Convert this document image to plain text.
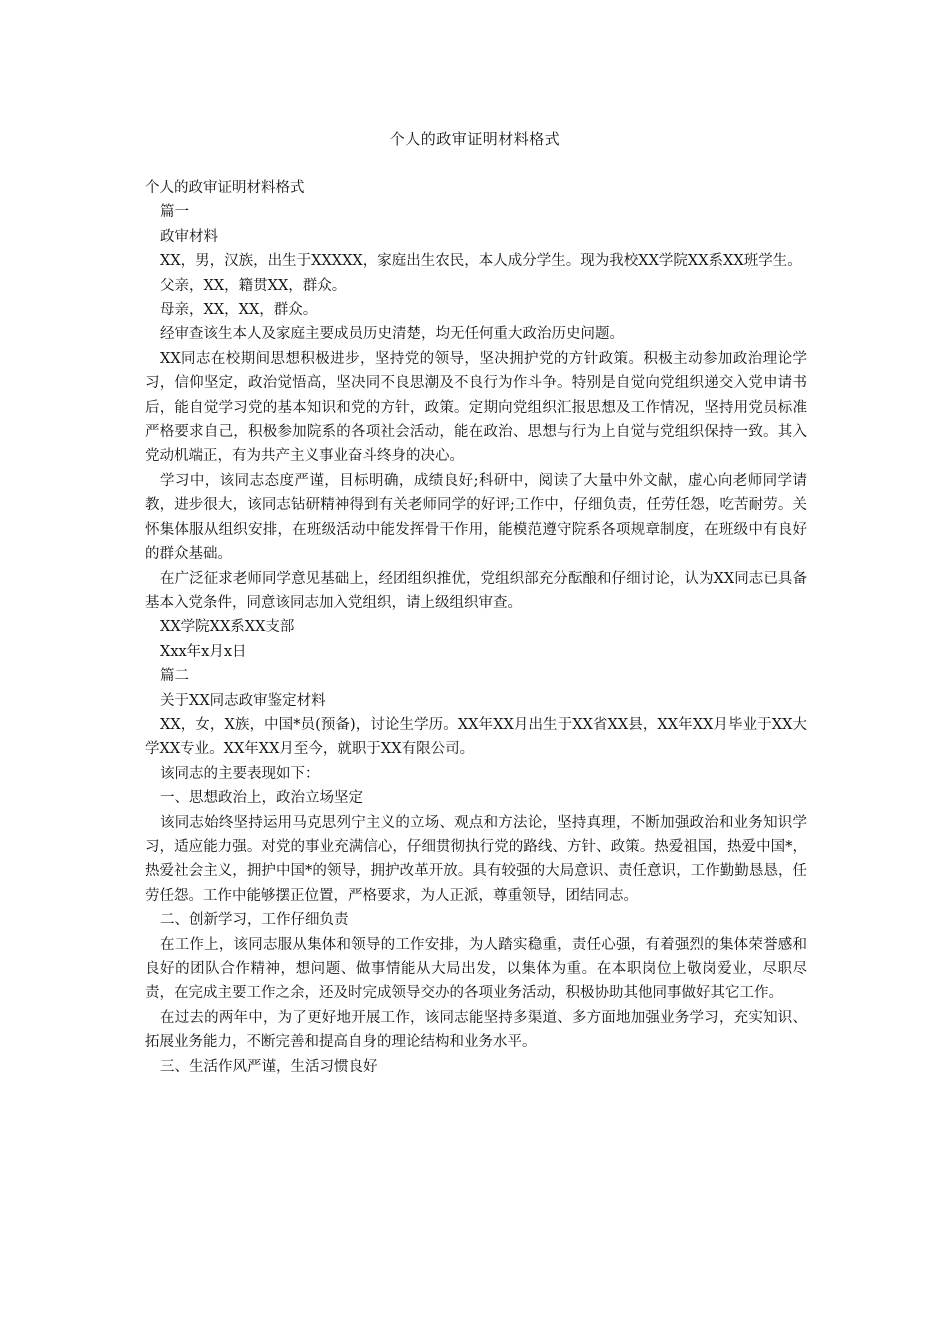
个人的政审证明材料格式

个人的政审证明材料格式

篇一

政审材料

XX，男，汉族，出生于XXXXX，家庭出生农民，本人成分学生。现为我校XX学院XX系XX班学生。

父亲，XX，籍贯XX，群众。

母亲，XX，XX，群众。

经审查该生本人及家庭主要成员历史清楚，均无任何重大政治历史问题。

XX同志在校期间思想积极进步，坚持党的领导，坚决拥护党的方针政策。积极主动参加政治理论学习，信仰坚定，政治觉悟高，坚决同不良思潮及不良行为作斗争。特别是自觉向党组织递交入党申请书后，能自觉学习党的基本知识和党的方针，政策。定期向党组织汇报思想及工作情况，坚持用党员标准严格要求自己，积极参加院系的各项社会活动，能在政治、思想与行为上自觉与党组织保持一致。其入党动机端正，有为共产主义事业奋斗终身的决心。

学习中，该同志态度严谨，目标明确，成绩良好;科研中，阅读了大量中外文献，虚心向老师同学请教，进步很大，该同志钻研精神得到有关老师同学的好评;工作中，仔细负责，任劳任怨，吃苦耐劳。关怀集体服从组织安排，在班级活动中能发挥骨干作用，能模范遵守院系各项规章制度，在班级中有良好的群众基础。

在广泛征求老师同学意见基础上，经团组织推优，党组织部充分酝酿和仔细讨论，认为XX同志已具备基本入党条件，同意该同志加入党组织，请上级组织审查。

XX学院XX系XX支部

Xxx年x月x日

篇二

关于XX同志政审鉴定材料

XX，女，X族，中国*员(预备)，讨论生学历。XX年XX月出生于XX省XX县，XX年XX月毕业于XX大学XX专业。XX年XX月至今，就职于XX有限公司。

该同志的主要表现如下：

一、思想政治上，政治立场坚定

该同志始终坚持运用马克思列宁主义的立场、观点和方法论，坚持真理，不断加强政治和业务知识学习，适应能力强。对党的事业充满信心，仔细贯彻执行党的路线、方针、政策。热爱祖国，热爱中国*，热爱社会主义，拥护中国*的领导，拥护改革开放。具有较强的大局意识、责任意识，工作勤勤恳恳，任劳任怨。工作中能够摆正位置，严格要求，为人正派，尊重领导，团结同志。

二、创新学习，工作仔细负责

在工作上，该同志服从集体和领导的工作安排，为人踏实稳重，责任心强，有着强烈的集体荣誉感和良好的团队合作精神，想问题、做事情能从大局出发，以集体为重。在本职岗位上敬岗爱业，尽职尽责，在完成主要工作之余，还及时完成领导交办的各项业务活动，积极协助其他同事做好其它工作。

在过去的两年中，为了更好地开展工作，该同志能坚持多渠道、多方面地加强业务学习，充实知识、拓展业务能力，不断完善和提高自身的理论结构和业务水平。

三、生活作风严谨，生活习惯良好
